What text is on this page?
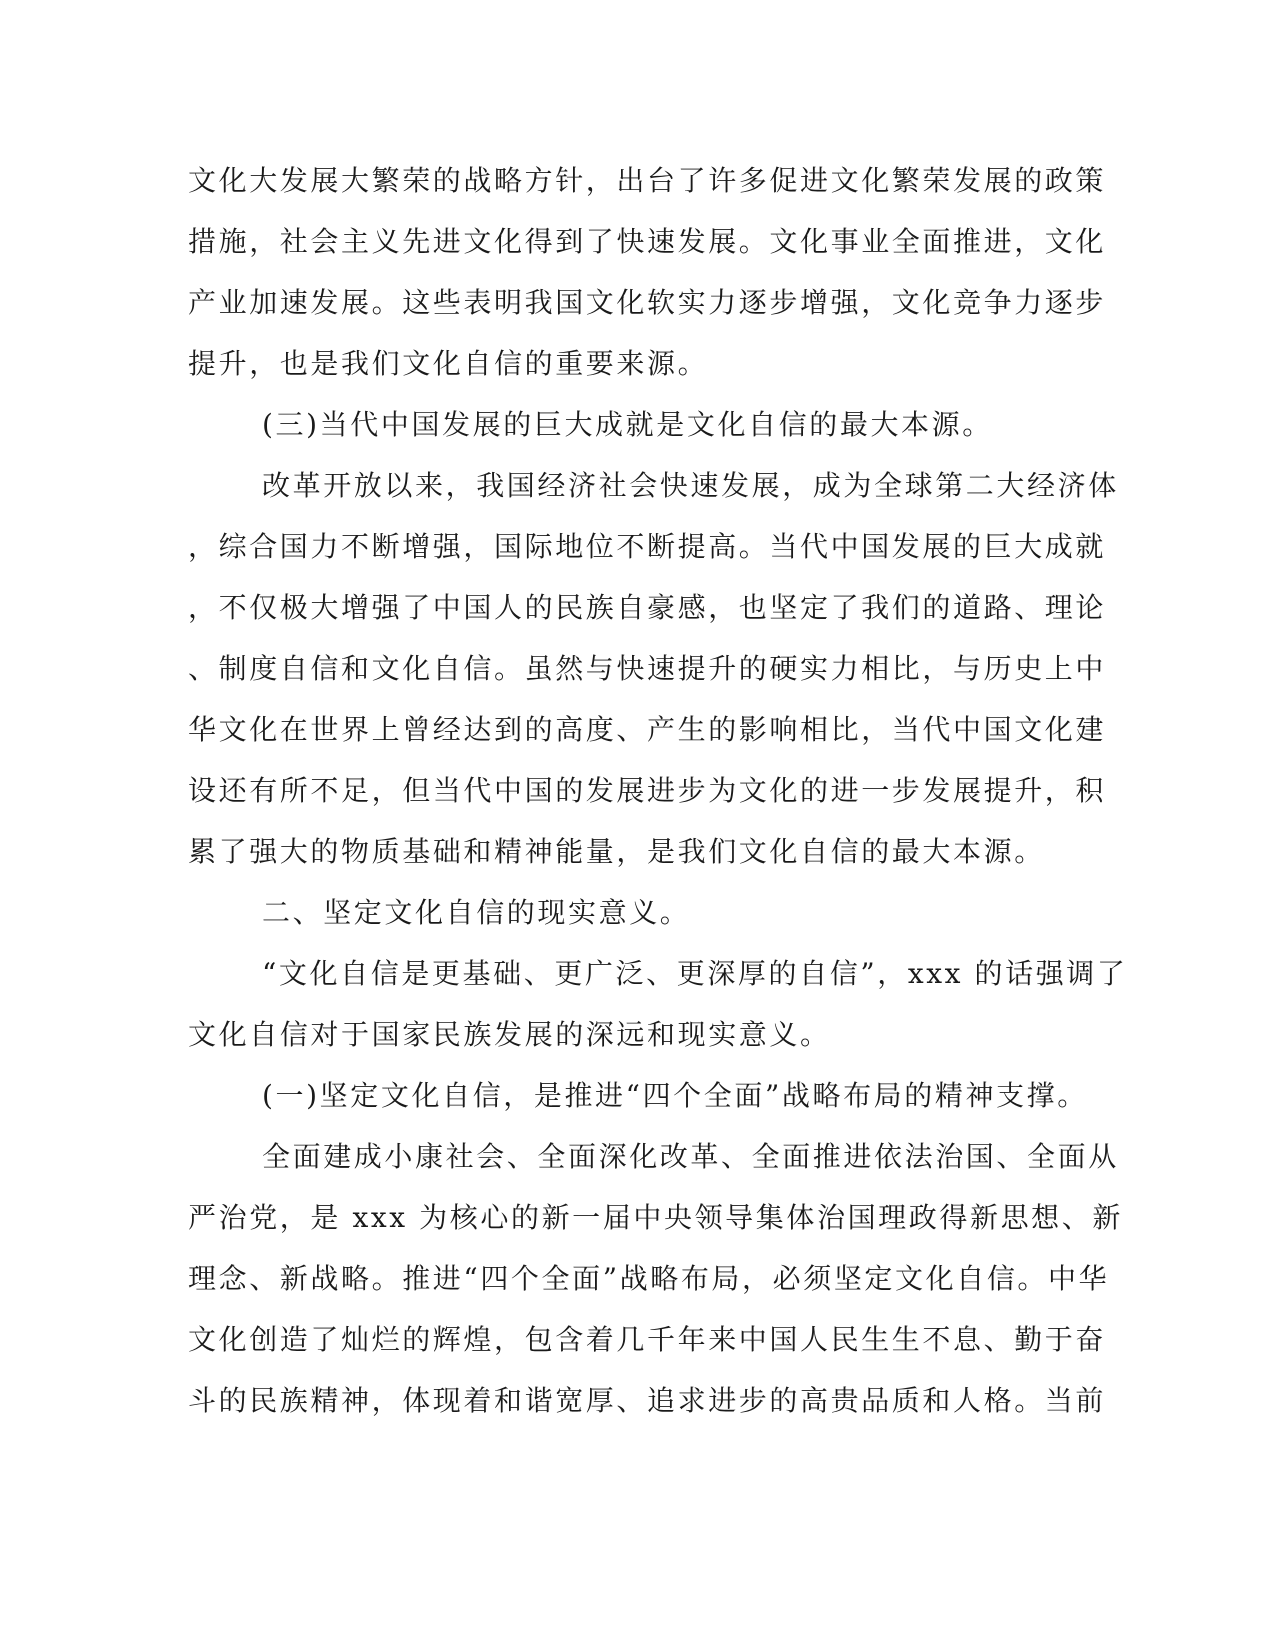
文化大发展大繁荣的战略方针，出台了许多促进文化繁荣发展的政策
措施，社会主义先进文化得到了快速发展。文化事业全面推进，文化
产业加速发展。这些表明我国文化软实力逐步增强，文化竞争力逐步
提升，也是我们文化自信的重要来源。
(三)当代中国发展的巨大成就是文化自信的最大本源。
改革开放以来，我国经济社会快速发展，成为全球第二大经济体
，综合国力不断增强，国际地位不断提高。当代中国发展的巨大成就
，不仅极大增强了中国人的民族自豪感，也坚定了我们的道路、理论
、制度自信和文化自信。虽然与快速提升的硬实力相比，与历史上中
华文化在世界上曾经达到的高度、产生的影响相比，当代中国文化建
设还有所不足，但当代中国的发展进步为文化的进一步发展提升，积
累了强大的物质基础和精神能量，是我们文化自信的最大本源。
二、坚定文化自信的现实意义。
“文化自信是更基础、更广泛、更深厚的自信”，xxx 的话强调了
文化自信对于国家民族发展的深远和现实意义。
(一)坚定文化自信，是推进“四个全面”战略布局的精神支撑。
全面建成小康社会、全面深化改革、全面推进依法治国、全面从
严治党，是 xxx 为核心的新一届中央领导集体治国理政得新思想、新
理念、新战略。推进“四个全面”战略布局，必须坚定文化自信。中华
文化创造了灿烂的辉煌，包含着几千年来中国人民生生不息、勤于奋
斗的民族精神，体现着和谐宽厚、追求进步的高贵品质和人格。当前
